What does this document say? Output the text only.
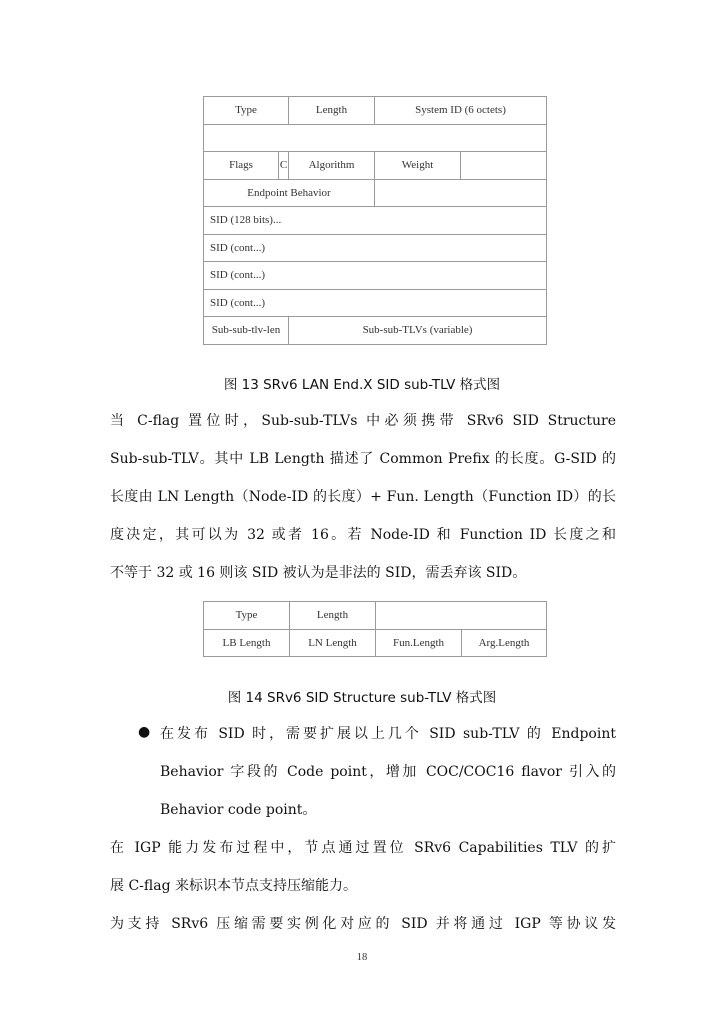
Type		Length	System ID (6 octets)	

Flags	C	Algorithm	Weight	
Endpoint Behavior				
SID (128 bits)...				
SID (cont...)				
SID (cont...)				
SID (cont...)				
Sub-sub-tlv-len		Sub-sub-TLVs (variable)		
图 13 SRv6 LAN End.X SID sub-TLV 格式图

当 C-flag 置位时，Sub-sub-TLVs 中必须携带 SRv6 SID Structure

Sub-sub-TLV。其中 LB Length 描述了 Common Prefix 的长度。G-SID 的

长度由 LN Length（Node-ID 的长度）+ Fun. Length（Function ID）的长

度决定，其可以为 32 或者 16。若 Node-ID 和 Function ID 长度之和

不等于 32 或 16 则该 SID 被认为是非法的 SID，需丢弃该 SID。

Type	Length		
LB Length	LN Length	Fun.Length	Arg.Length
图 14 SRv6 SID Structure sub-TLV 格式图
● 在发布 SID 时，需要扩展以上几个 SID sub-TLV 的 Endpoint

Behavior 字段的 Code point，增加 COC/COC16 flavor 引入的

Behavior code point。

在 IGP 能力发布过程中，节点通过置位 SRv6 Capabilities TLV 的扩

展 C-flag 来标识本节点支持压缩能力。

为支持 SRv6 压缩需要实例化对应的 SID 并将通过 IGP 等协议发

18
